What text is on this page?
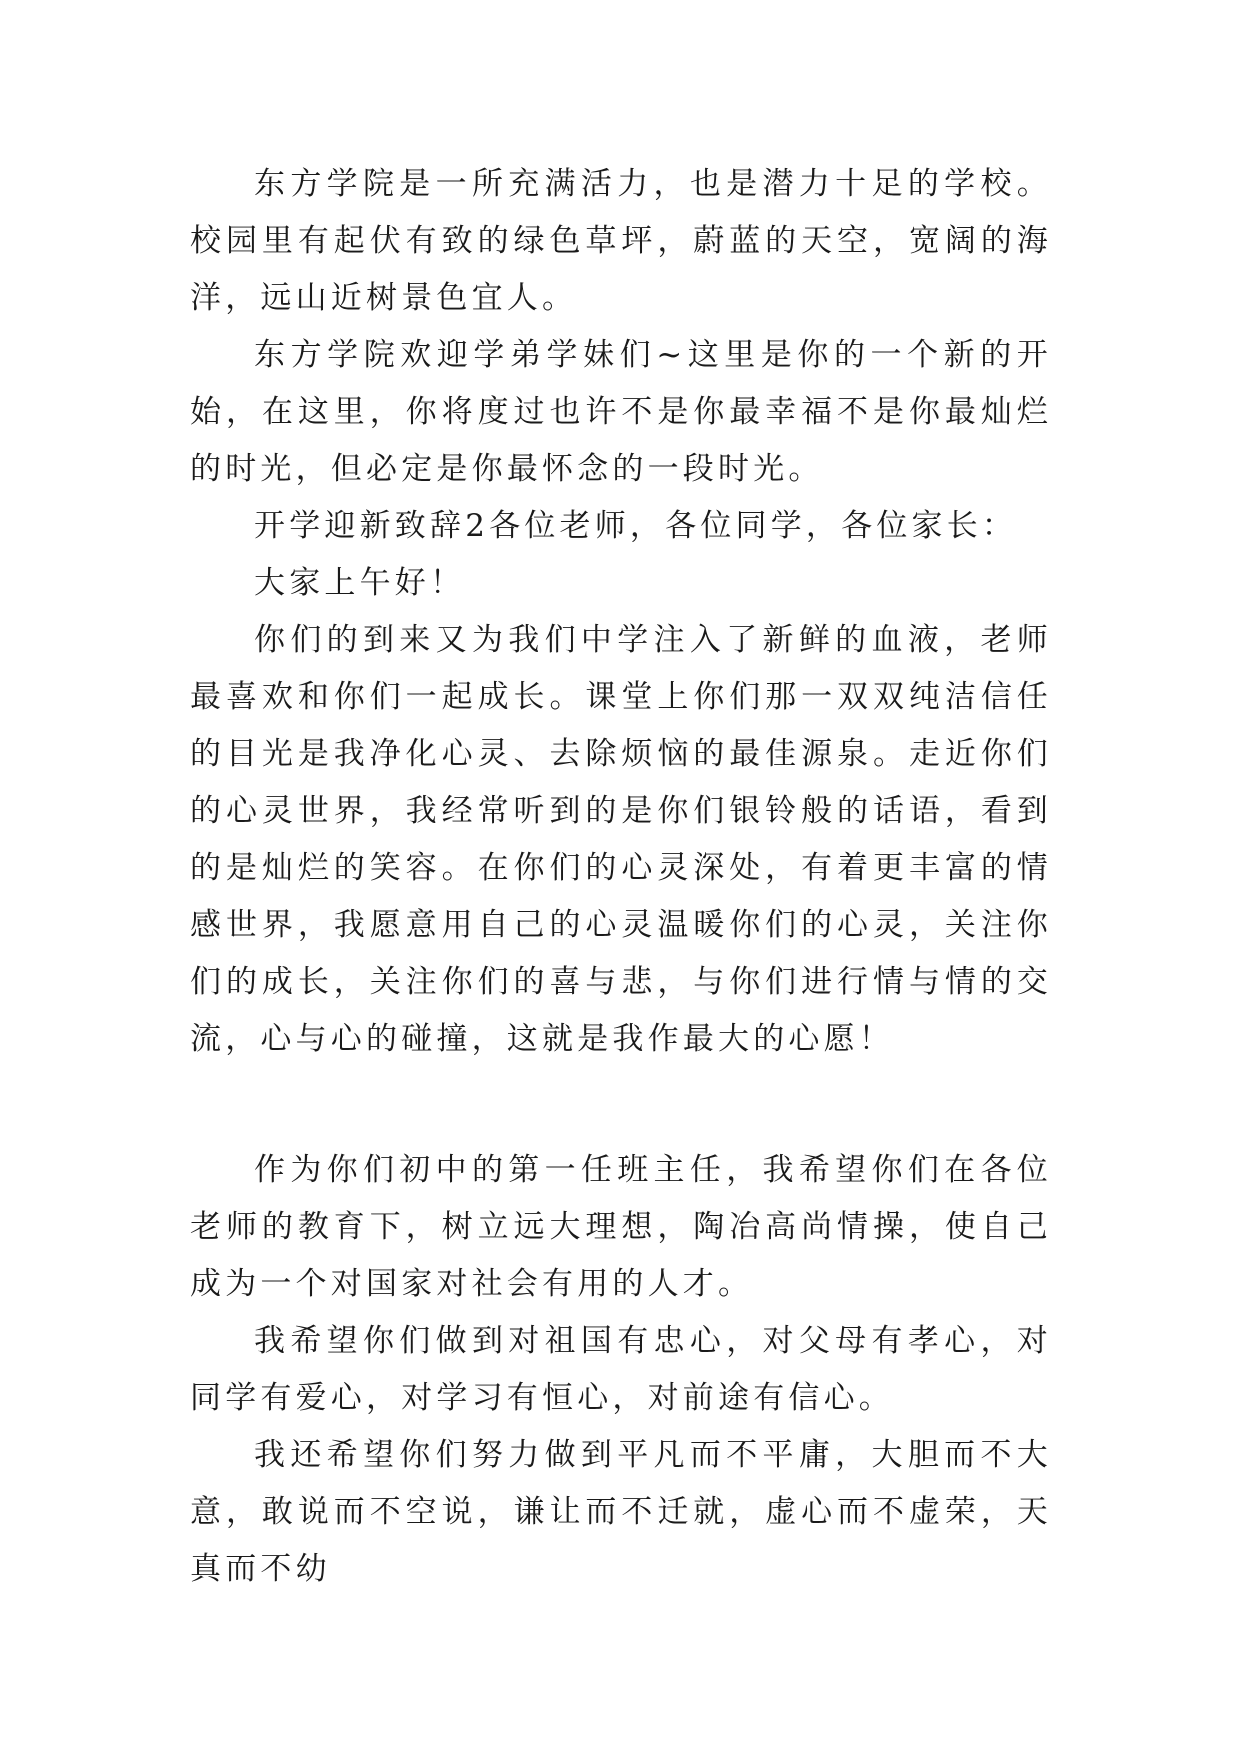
东方学院是一所充满活力，也是潜力十足的学校。校园里有起伏有致的绿色草坪，蔚蓝的天空，宽阔的海洋，远山近树景色宜人。

东方学院欢迎学弟学妹们~这里是你的一个新的开始，在这里，你将度过也许不是你最幸福不是你最灿烂的时光，但必定是你最怀念的一段时光。

开学迎新致辞2各位老师，各位同学，各位家长：

大家上午好！

你们的到来又为我们中学注入了新鲜的血液，老师最喜欢和你们一起成长。课堂上你们那一双双纯洁信任的目光是我净化心灵、去除烦恼的最佳源泉。走近你们的心灵世界，我经常听到的是你们银铃般的话语，看到的是灿烂的笑容。在你们的心灵深处，有着更丰富的情感世界，我愿意用自己的心灵温暖你们的心灵，关注你们的成长，关注你们的喜与悲，与你们进行情与情的交流，心与心的碰撞，这就是我作最大的心愿！

作为你们初中的第一任班主任，我希望你们在各位老师的教育下，树立远大理想，陶冶高尚情操，使自己成为一个对国家对社会有用的人才。

我希望你们做到对祖国有忠心，对父母有孝心，对同学有爱心，对学习有恒心，对前途有信心。

我还希望你们努力做到平凡而不平庸，大胆而不大意，敢说而不空说，谦让而不迁就，虚心而不虚荣，天真而不幼
